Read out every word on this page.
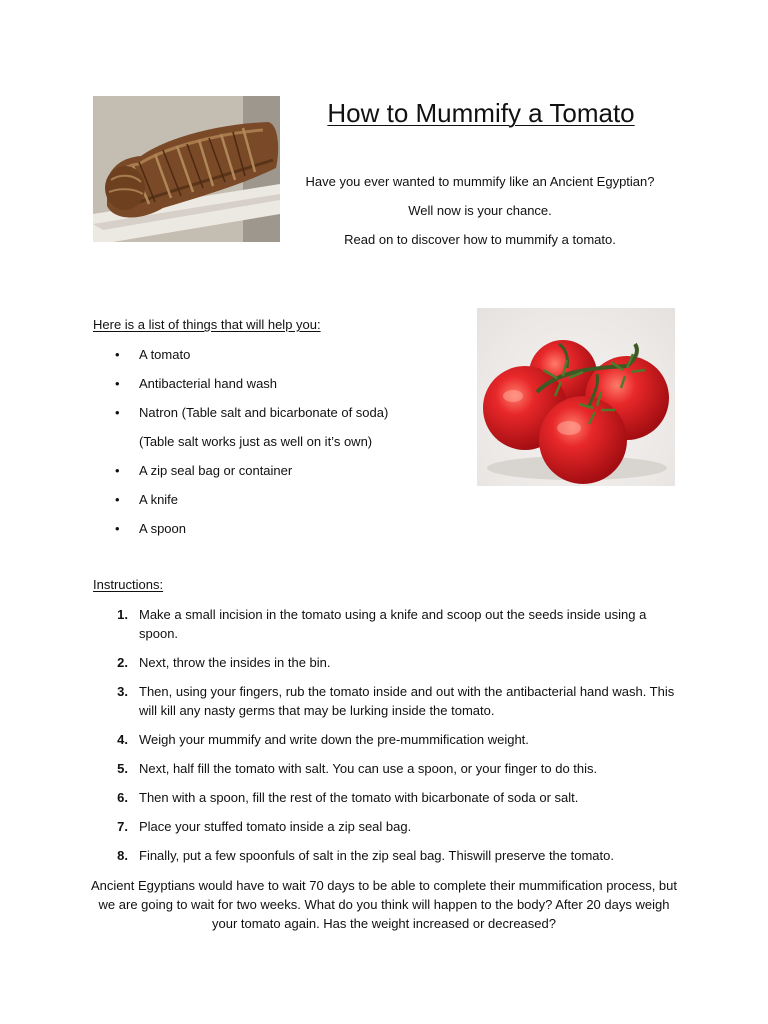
How to Mummify a Tomato

Have you ever wanted to mummify like an Ancient Egyptian?

Well now is your chance.

Read on to discover how to mummify a tomato.

Here is a list of things that will help you:
•	A tomato
•	Antibacterial hand wash
•	Natron (Table salt and bicarbonate of soda)
(Table salt works just as well on it’s own)
•	A zip seal bag or container
•	A knife
•	A spoon
Instructions:
1. Make a small incision in the tomato using a knife and scoop out the seeds inside using a spoon.
2. Next, throw the insides in the bin.
3. Then, using your fingers, rub the tomato inside and out with the antibacterial hand wash. This will kill any nasty germs that may be lurking inside the tomato.
4. Weigh your mummify and write down the pre-mummification weight.
5. Next, half fill the tomato with salt. You can use a spoon, or your finger to do this.
6. Then with a spoon, fill the rest of the tomato with bicarbonate of soda or salt.
7. Place your stuffed tomato inside a zip seal bag.
8. Finally, put a few spoonfuls of salt in the zip seal bag. Thiswill preserve the tomato.

Ancient Egyptians would have to wait 70 days to be able to complete their mummification process, but we are going to wait for two weeks. What do you think will happen to the body? After 20 days weigh your tomato again. Has the weight increased or decreased?
